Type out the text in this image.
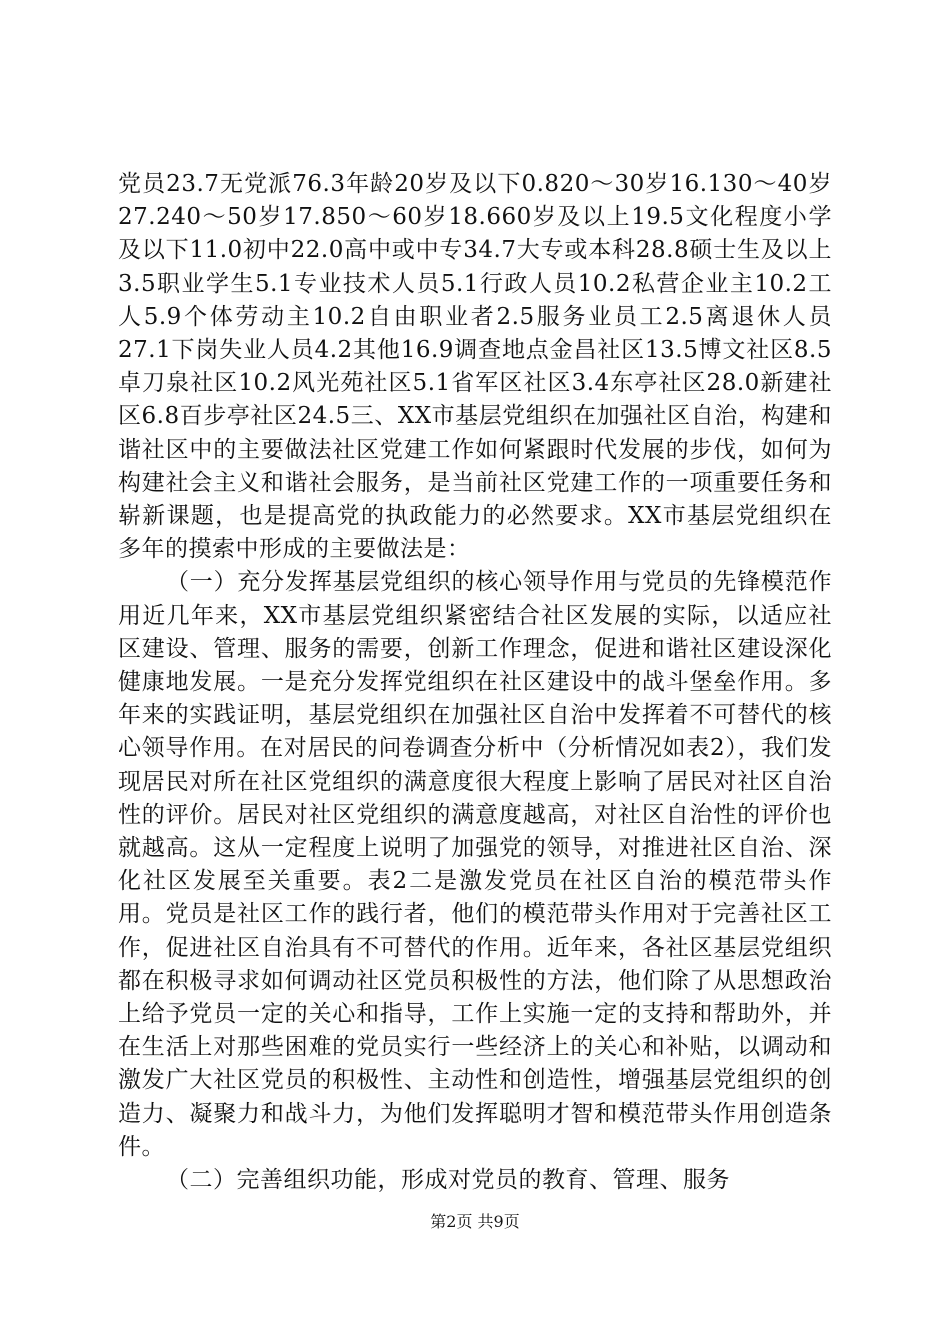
党员23.7无党派76.3年龄20岁及以下0.820～30岁16.130～40岁27.240～50岁17.850～60岁18.660岁及以上19.5文化程度小学及以下11.0初中22.0高中或中专34.7大专或本科28.8硕士生及以上3.5职业学生5.1专业技术人员5.1行政人员10.2私营企业主10.2工人5.9个体劳动主10.2自由职业者2.5服务业员工2.5离退休人员27.1下岗失业人员4.2其他16.9调查地点金昌社区13.5博文社区8.5卓刀泉社区10.2风光苑社区5.1省军区社区3.4东亭社区28.0新建社区6.8百步亭社区24.5三、XX市基层党组织在加强社区自治，构建和谐社区中的主要做法社区党建工作如何紧跟时代发展的步伐，如何为构建社会主义和谐社会服务，是当前社区党建工作的一项重要任务和崭新课题，也是提高党的执政能力的必然要求。XX市基层党组织在多年的摸索中形成的主要做法是：

（一）充分发挥基层党组织的核心领导作用与党员的先锋模范作用近几年来，XX市基层党组织紧密结合社区发展的实际，以适应社区建设、管理、服务的需要，创新工作理念，促进和谐社区建设深化健康地发展。一是充分发挥党组织在社区建设中的战斗堡垒作用。多年来的实践证明，基层党组织在加强社区自治中发挥着不可替代的核心领导作用。在对居民的问卷调查分析中（分析情况如表2），我们发现居民对所在社区党组织的满意度很大程度上影响了居民对社区自治性的评价。居民对社区党组织的满意度越高，对社区自治性的评价也就越高。这从一定程度上说明了加强党的领导，对推进社区自治、深化社区发展至关重要。表2二是激发党员在社区自治的模范带头作用。党员是社区工作的践行者，他们的模范带头作用对于完善社区工作，促进社区自治具有不可替代的作用。近年来，各社区基层党组织都在积极寻求如何调动社区党员积极性的方法，他们除了从思想政治上给予党员一定的关心和指导，工作上实施一定的支持和帮助外，并在生活上对那些困难的党员实行一些经济上的关心和补贴，以调动和激发广大社区党员的积极性、主动性和创造性，增强基层党组织的创造力、凝聚力和战斗力，为他们发挥聪明才智和模范带头作用创造条件。

（二）完善组织功能，形成对党员的教育、管理、服务

第2页 共9页
